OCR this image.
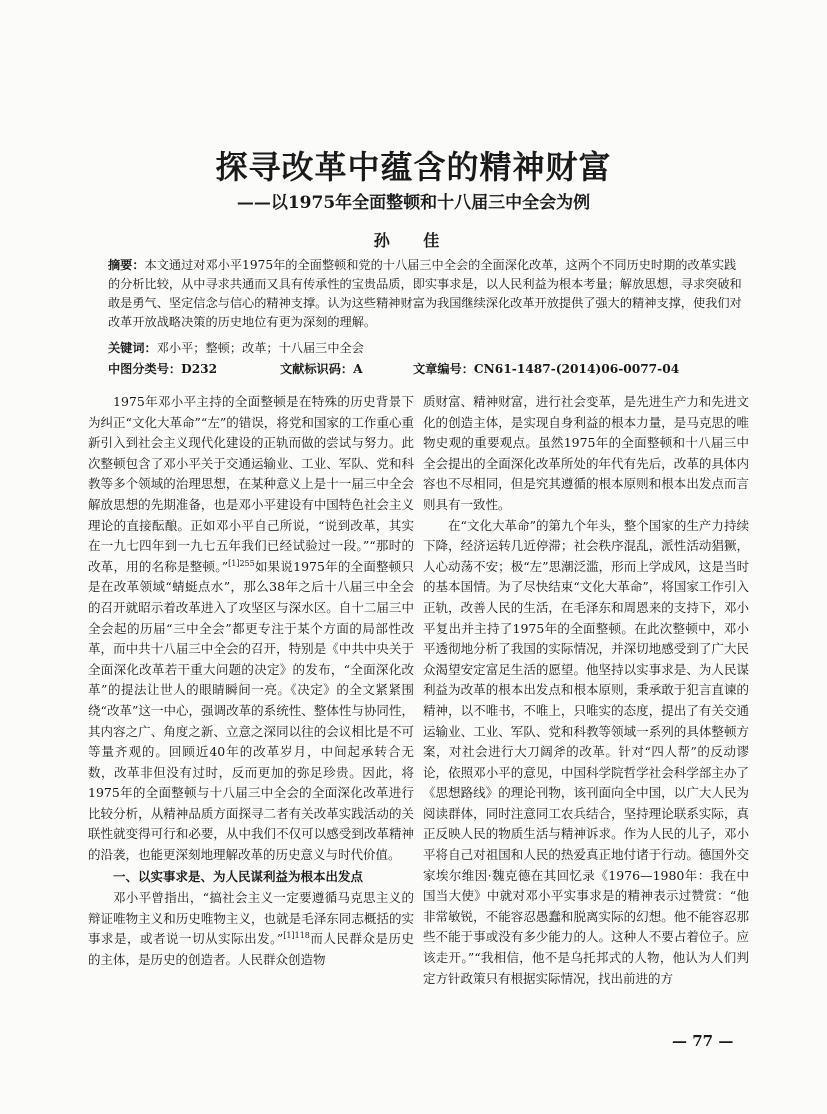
探寻改革中蕴含的精神财富
——以1975年全面整顿和十八届三中全会为例
孙 佳
摘要：本文通过对邓小平1975年的全面整顿和党的十八届三中全会的全面深化改革，这两个不同历史时期的改革实践的分析比较，从中寻求共通而又具有传承性的宝贵品质，即实事求是，以人民利益为根本考量；解放思想，寻求突破和敢是勇气、坚定信念与信心的精神支撑。认为这些精神财富为我国继续深化改革开放提供了强大的精神支撑，使我们对改革开放战略决策的历史地位有更为深刻的理解。
关键词：邓小平；整顿；改革；十八届三中全会
中图分类号：D232	文献标识码：A	文章编号：CN61-1487-(2014)06-0077-04

1975年邓小平主持的全面整顿是在特殊的历史背景下为纠正“文化大革命”“左”的错误，将党和国家的工作重心重新引入到社会主义现代化建设的正轨而做的尝试与努力。此次整顿包含了邓小平关于交通运输业、工业、军队、党和科教等多个领域的治理思想，在某种意义上是十一届三中全会解放思想的先期准备，也是邓小平建设有中国特色社会主义理论的直接酝酿。正如邓小平自己所说，“说到改革，其实在一九七四年到一九七五年我们已经试验过一段。”“那时的改革，用的名称是整顿。”$^{[1]255}$如果说1975年的全面整顿只是在改革领域“蜻蜓点水”，那么38年之后十八届三中全会的召开就昭示着改革进入了攻坚区与深水区。自十二届三中全会起的历届“三中全会”都更专注于某个方面的局部性改革，而中共十八届三中全会的召开，特别是《中共中央关于全面深化改革若干重大问题的决定》的发布，“全面深化改革”的提法让世人的眼睛瞬间一亮。《决定》的全文紧紧围绕“改革”这一中心，强调改革的系统性、整体性与协同性，其内容之广、角度之新、立意之深同以往的会议相比是不可等量齐观的。回顾近40年的改革岁月，中间起承转合无数，改革非但没有过时，反而更加的弥足珍贵。因此，将1975年的全面整顿与十八届三中全会的全面深化改革进行比较分析，从精神品质方面探寻二者有关改革实践活动的关联性就变得可行和必要，从中我们不仅可以感受到改革精神的沿袭，也能更深刻地理解改革的历史意义与时代价值。

一、以实事求是、为人民谋利益为根本出发点

邓小平曾指出，“搞社会主义一定要遵循马克思主义的辩证唯物主义和历史唯物主义，也就是毛泽东同志概括的实事求是，或者说一切从实际出发。”$^{[1]118}$而人民群众是历史的主体，是历史的创造者。人民群众创造物

质财富、精神财富，进行社会变革，是先进生产力和先进文化的创造主体，是实现自身利益的根本力量，是马克思的唯物史观的重要观点。虽然1975年的全面整顿和十八届三中全会提出的全面深化改革所处的年代有先后，改革的具体内容也不尽相同，但是究其遵循的根本原则和根本出发点而言则具有一致性。

在“文化大革命”的第九个年头，整个国家的生产力持续下降，经济运转几近停滞；社会秩序混乱，派性活动猖獗，人心动荡不安；极“左”思潮泛滥，形而上学成风，这是当时的基本国情。为了尽快结束“文化大革命”，将国家工作引入正轨，改善人民的生活，在毛泽东和周恩来的支持下，邓小平复出并主持了1975年的全面整顿。在此次整顿中，邓小平透彻地分析了我国的实际情况，并深切地感受到了广大民众渴望安定富足生活的愿望。他坚持以实事求是、为人民谋利益为改革的根本出发点和根本原则，秉承敢于犯言直谏的精神，以不唯书，不唯上，只唯实的态度，提出了有关交通运输业、工业、军队、党和科教等领域一系列的具体整顿方案，对社会进行大刀阔斧的改革。针对“四人帮”的反动谬论，依照邓小平的意见，中国科学院哲学社会科学部主办了《思想路线》的理论刊物，该刊面向全中国，以广大人民为阅读群体，同时注意同工农兵结合，坚持理论联系实际，真正反映人民的物质生活与精神诉求。作为人民的儿子，邓小平将自己对祖国和人民的热爱真正地付诸于行动。德国外交家埃尔维因·魏克德在其回忆录《1976—1980年：我在中国当大使》中就对邓小平实事求是的精神表示过赞赏：“他非常敏锐，不能容忍愚蠢和脱离实际的幻想。他不能容忍那些不能于事或没有多少能力的人。这种人不要占着位子。应该走开。”“我相信，他不是乌托邦式的人物，他认为人们判定方针政策只有根据实际情况，找出前进的方

— 77 —
